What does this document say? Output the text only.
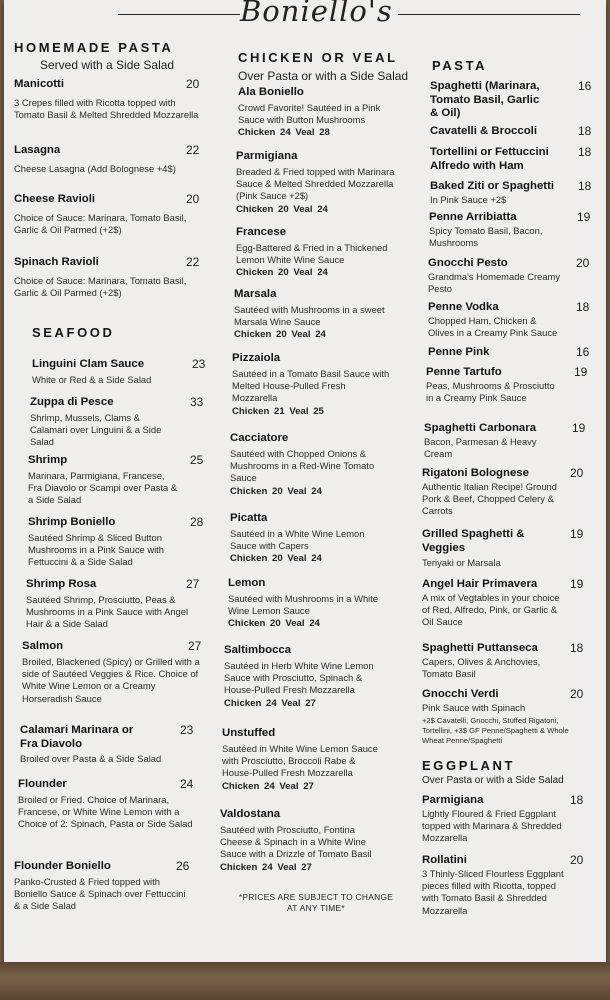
Boniello's
HOMEMADE PASTA
Served with a Side Salad
Manicotti	20
3 Crepes filled with Ricotta topped with Tomato Basil & Melted Shredded Mozzarella
Lasagna	22
Cheese Lasagna (Add Bolognese +4$)
Cheese Ravioli	20
Choice of Sauce: Marinara, Tomato Basil, Garlic & Oil Parmed (+2$)
Spinach Ravioli	22
Choice of Sauce: Marinara, Tomato Basil, Garlic & Oil Parmed (+2$)
SEAFOOD
Linguini Clam Sauce	23
White or Red & a Side Salad
Zuppa di Pesce	33
Shrimp, Mussels, Clams & Calamari over Linguini & a Side Salad
Shrimp	25
Marinara, Parmigiana, Francese, Fra Diavolo or Scampi over Pasta & a Side Salad
Shrimp Boniello	28
Sautéed Shrimp & Sliced Button Mushrooms in a Pink Sauce with Fettuccini & a Side Salad
Shrimp Rosa	27
Sautéed Shrimp, Prosciutto, Peas & Mushrooms in a Pink Sauce with Angel Hair & a Side Salad
Salmon	27
Broiled, Blackened (Spicy) or Grilled with a side of Sautéed Veggies & Rice. Choice of White Wine Lemon or a Creamy Horseradish Sauce
Calamari Marinara or Fra Diavolo
23
Broiled over Pasta & a Side Salad
Flounder	24
Broiled or Fried. Choice of Marinara, Francese, or White Wine Lemon with a Choice of 2: Spinach, Pasta or Side Salad
Flounder Boniello	26
Panko-Crusted & Fried topped with Boniello Sauce & Spinach over Fettuccini & a Side Salad
CHICKEN OR VEAL
Over Pasta or with a Side Salad
Ala Boniello
Crowd Favorite! Sautéed in a Pink Sauce with Button Mushrooms
Chicken 24 Veal 28
Parmigiana
Breaded & Fried topped with Marinara Sauce & Melted Shredded Mozzarella (Pink Sauce +2$)
Chicken 20 Veal 24
Francese
Egg-Battered & Fried in a Thickened Lemon White Wine Sauce
Chicken 20 Veal 24
Marsala
Sautéed with Mushrooms in a sweet Marsala Wine Sauce
Chicken 20 Veal 24
Pizzaiola
Sautéed in a Tomato Basil Sauce with Melted House-Pulled Fresh Mozzarella
Chicken 21 Veal 25
Cacciatore
Sautéed with Chopped Onions & Mushrooms in a Red-Wine Tomato Sauce
Chicken 20 Veal 24
Picatta
Sautéed in a White Wine Lemon Sauce with Capers
Chicken 20 Veal 24
Lemon
Sautéed with Mushrooms in a White Wine Lemon Sauce
Chicken 20 Veal 24
Saltimbocca
Sautéed in Herb White Wine Lemon Sauce with Prosciutto, Spinach & House-Pulled Fresh Mozzarella
Chicken 24 Veal 27
Unstuffed
Sautéed in White Wine Lemon Sauce with Prosciutto, Broccoli Rabe & House-Pulled Fresh Mozzarella
Chicken 24 Veal 27
Valdostana
Sautéed with Prosciutto, Fontina Cheese & Spinach in a White Wine Sauce with a Drizzle of Tomato Basil
Chicken 24 Veal 27
*PRICES ARE SUBJECT TO CHANGE AT ANY TIME*
PASTA
Spaghetti (Marinara, Tomato Basil, Garlic & Oil)
16
Cavatelli & Broccoli	18
Tortellini or Fettuccini Alfredo with Ham
18
Baked Ziti or Spaghetti	18
In Pink Sauce +2$
Penne Arribiatta	19
Spicy Tomato Basil, Bacon, Mushrooms
Gnocchi Pesto	20
Grandma's Homemade Creamy Pesto
Penne Vodka	18
Chopped Ham, Chicken & Olives in a Creamy Pink Sauce
Penne Pink	16
Penne Tartufo	19
Peas, Mushrooms & Prosciutto in a Creamy Pink Sauce
Spaghetti Carbonara	19
Bacon, Parmesan & Heavy Cream
Rigatoni Bolognese	20
Authentic Italian Recipe! Ground Pork & Beef, Chopped Celery & Carrots
Grilled Spaghetti & Veggies
19
Teriyaki or Marsala
Angel Hair Primavera	19
A mix of Vegtables in your choice of Red, Alfredo, Pink, or Garlic & Oil Sauce
Spaghetti Puttanseca	18
Capers, Olives & Anchovies, Tomato Basil
Gnocchi Verdi	20
Pink Sauce with Spinach
+2$ Cavatelli, Gnocchi, Stuffed Rigatoni, Tortellini, +3$ GF Penne/Spaghetti & Whole Wheat Penne/Spaghetti
EGGPLANT
Over Pasta or with a Side Salad
Parmigiana	18
Lightly Floured & Fried Eggplant topped with Marinara & Shredded Mozzarella
Rollatini	20
3 Thinly-Sliced Flourless Eggplant pieces filled with Ricotta, topped with Tomato Basil & Shredded Mozzarella
